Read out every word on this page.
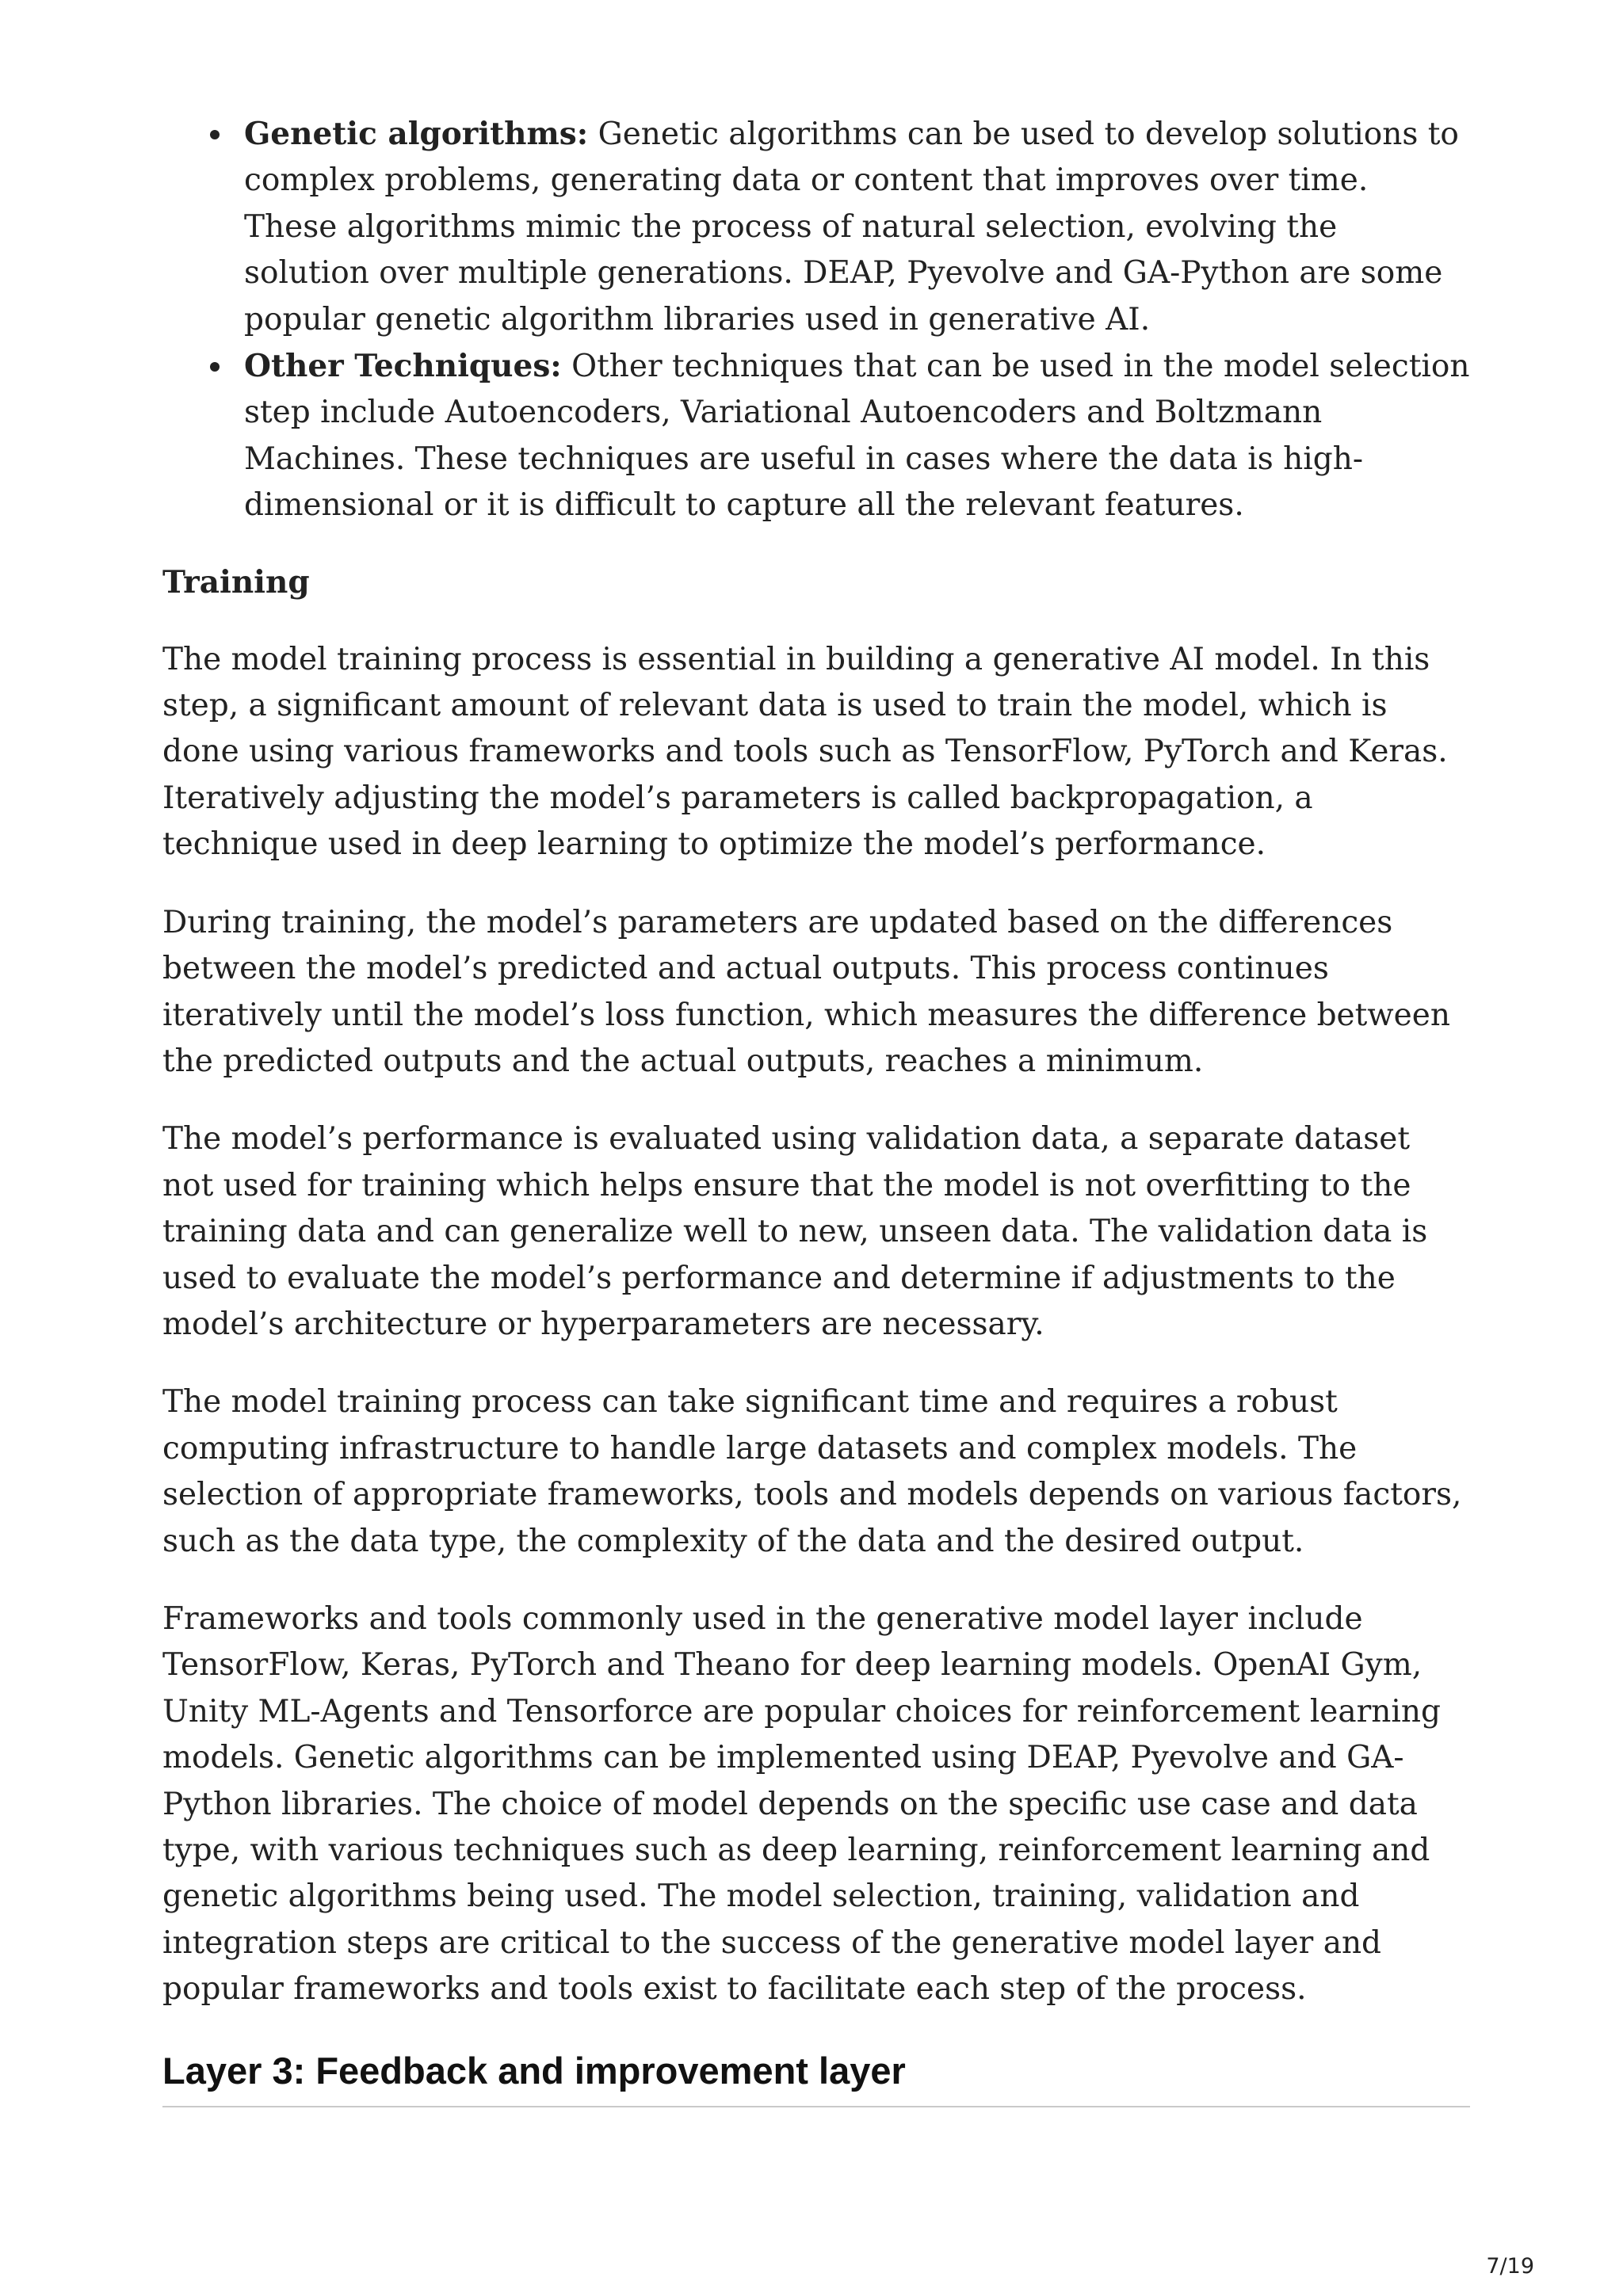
Genetic algorithms: Genetic algorithms can be used to develop solutions to complex problems, generating data or content that improves over time. These algorithms mimic the process of natural selection, evolving the solution over multiple generations. DEAP, Pyevolve and GA-Python are some popular genetic algorithm libraries used in generative AI.
Other Techniques: Other techniques that can be used in the model selection step include Autoencoders, Variational Autoencoders and Boltzmann Machines. These techniques are useful in cases where the data is high-dimensional or it is difficult to capture all the relevant features.
Training

The model training process is essential in building a generative AI model. In this step, a significant amount of relevant data is used to train the model, which is done using various frameworks and tools such as TensorFlow, PyTorch and Keras. Iteratively adjusting the model’s parameters is called backpropagation, a technique used in deep learning to optimize the model’s performance.

During training, the model’s parameters are updated based on the differences between the model’s predicted and actual outputs. This process continues iteratively until the model’s loss function, which measures the difference between the predicted outputs and the actual outputs, reaches a minimum.

The model’s performance is evaluated using validation data, a separate dataset not used for training which helps ensure that the model is not overfitting to the training data and can generalize well to new, unseen data. The validation data is used to evaluate the model’s performance and determine if adjustments to the model’s architecture or hyperparameters are necessary.

The model training process can take significant time and requires a robust computing infrastructure to handle large datasets and complex models. The selection of appropriate frameworks, tools and models depends on various factors, such as the data type, the complexity of the data and the desired output.

Frameworks and tools commonly used in the generative model layer include TensorFlow, Keras, PyTorch and Theano for deep learning models. OpenAI Gym, Unity ML-Agents and Tensorforce are popular choices for reinforcement learning models. Genetic algorithms can be implemented using DEAP, Pyevolve and GA-Python libraries. The choice of model depends on the specific use case and data type, with various techniques such as deep learning, reinforcement learning and genetic algorithms being used. The model selection, training, validation and integration steps are critical to the success of the generative model layer and popular frameworks and tools exist to facilitate each step of the process.

Layer 3: Feedback and improvement layer
7/19
